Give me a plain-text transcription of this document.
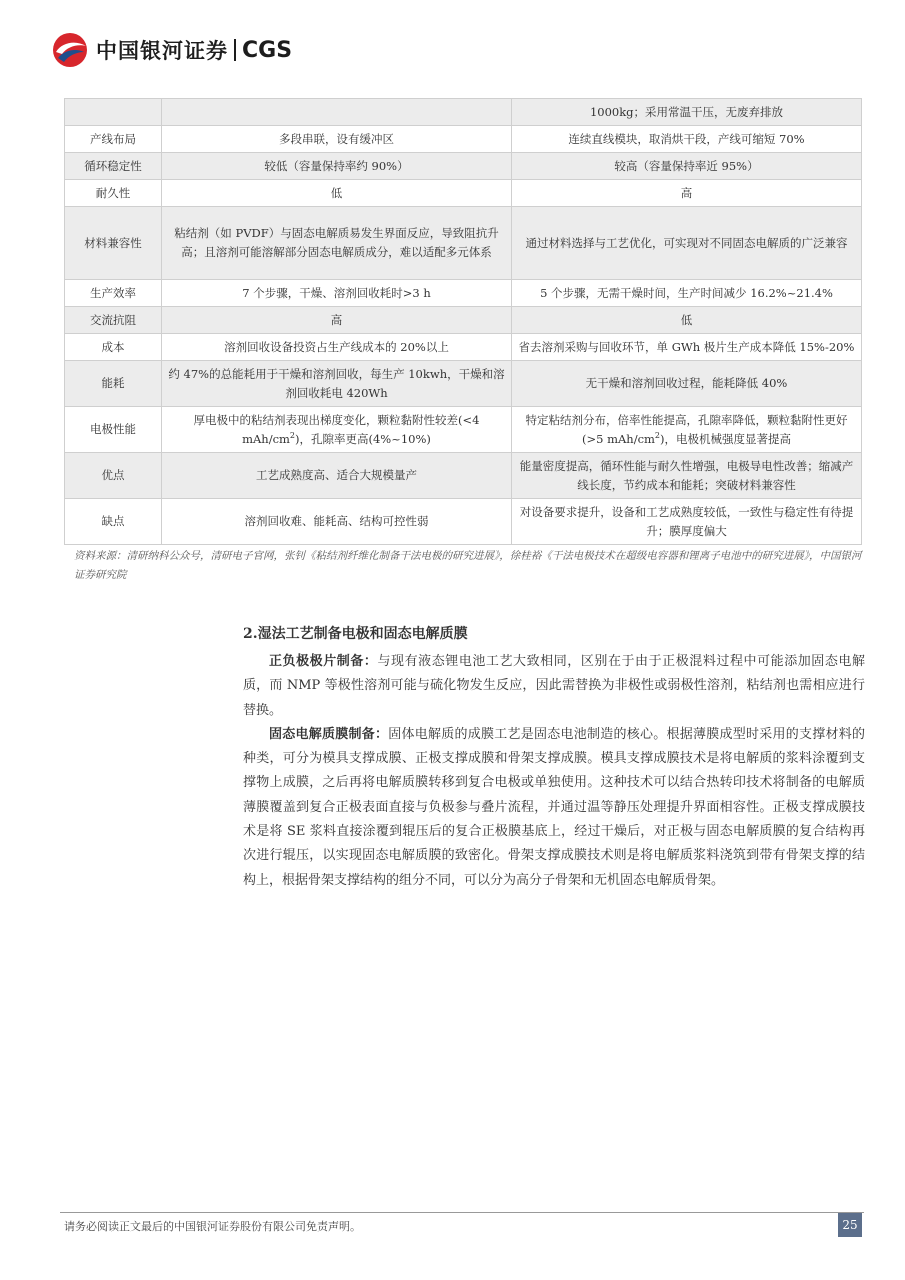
中国银河证券 CGS
		1000kg；采用常温干压，无废弃排放
产线布局	多段串联，设有缓冲区	连续直线模块，取消烘干段，产线可缩短 70%
循环稳定性	较低（容量保持率约 90%）	较高（容量保持率近 95%）
耐久性	低	高
材料兼容性	粘结剂（如 PVDF）与固态电解质易发生界面反应，导致阻抗升高；且溶剂可能溶解部分固态电解质成分，难以适配多元体系	通过材料选择与工艺优化，可实现对不同固态电解质的广泛兼容
生产效率	7 个步骤，干燥、溶剂回收耗时>3 h	5 个步骤，无需干燥时间，生产时间减少 16.2%~21.4%
交流抗阻	高	低
成本	溶剂回收设备投资占生产线成本的 20%以上	省去溶剂采购与回收环节，单 GWh 极片生产成本降低 15%-20%
能耗	约 47%的总能耗用于干燥和溶剂回收，每生产 10kwh，干燥和溶剂回收耗电 420Wh	无干燥和溶剂回收过程，能耗降低 40%
电极性能	厚电极中的粘结剂表现出梯度变化，颗粒黏附性较差(<4 mAh/$cm^2$)，孔隙率更高(4%~10%)	特定粘结剂分布，倍率性能提高，孔隙率降低，颗粒黏附性更好(>5 mAh/$cm^2$)，电极机械强度显著提高
优点	工艺成熟度高、适合大规模量产	能量密度提高，循环性能与耐久性增强，电极导电性改善；缩减产线长度，节约成本和能耗；突破材料兼容性
缺点	溶剂回收难、能耗高、结构可控性弱	对设备要求提升，设备和工艺成熟度较低，一致性与稳定性有待提升；膜厚度偏大
资料来源：清研纳科公众号，清研电子官网，张钊《粘结剂纤维化制备干法电极的研究进展》，徐桂裕《干法电极技术在超级电容器和锂离子电池中的研究进展》，中国银河证券研究院
2.湿法工艺制备电极和固态电解质膜

正负极极片制备：与现有液态锂电池工艺大致相同，区别在于由于正极混料过程中可能添加固态电解质，而 NMP 等极性溶剂可能与硫化物发生反应，因此需替换为非极性或弱极性溶剂，粘结剂也需相应进行替换。

固态电解质膜制备：固体电解质的成膜工艺是固态电池制造的核心。根据薄膜成型时采用的支撑材料的种类，可分为模具支撑成膜、正极支撑成膜和骨架支撑成膜。模具支撑成膜技术是将电解质的浆料涂覆到支撑物上成膜，之后再将电解质膜转移到复合电极或单独使用。这种技术可以结合热转印技术将制备的电解质薄膜覆盖到复合正极表面直接与负极参与叠片流程，并通过温等静压处理提升界面相容性。正极支撑成膜技术是将 SE 浆料直接涂覆到辊压后的复合正极膜基底上，经过干燥后，对正极与固态电解质膜的复合结构再次进行辊压，以实现固态电解质膜的致密化。骨架支撑成膜技术则是将电解质浆料浇筑到带有骨架支撑的结构上，根据骨架支撑结构的组分不同，可以分为高分子骨架和无机固态电解质骨架。

请务必阅读正文最后的中国银河证券股份有限公司免责声明。	25
